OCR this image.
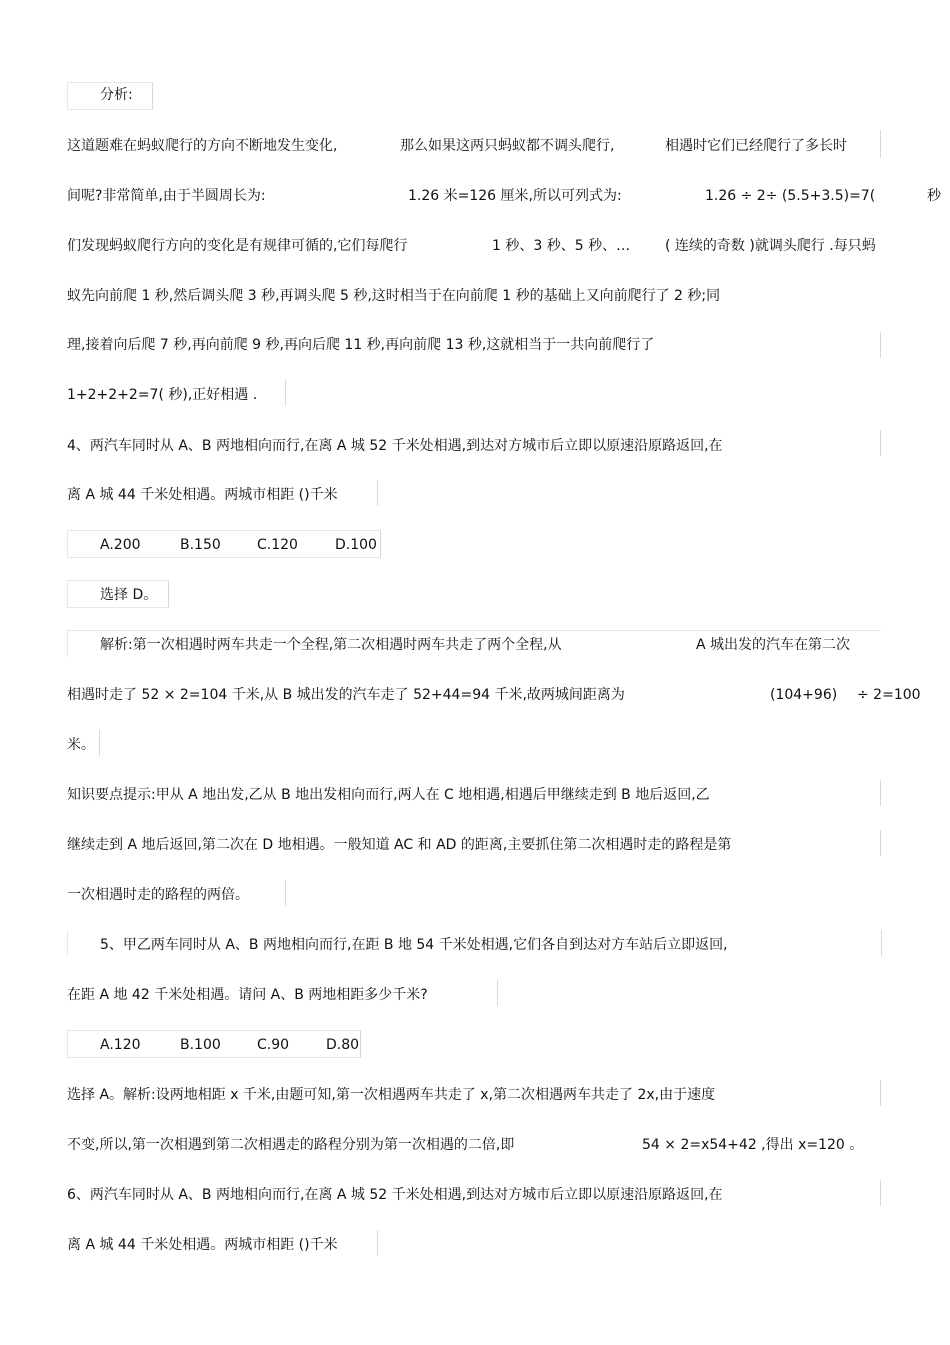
分析:
这道题难在蚂蚁爬行的方向不断地发生变化,	那么如果这两只蚂蚁都不调头爬行,	相遇时它们已经爬行了多长时
间呢?非常简单,由于半圆周长为:	1.26 米=126 厘米,所以可列式为:	1.26 ÷ 2÷ (5.5+3.5)=7(	秒
们发现蚂蚁爬行方向的变化是有规律可循的,它们每爬行	1 秒、3 秒、5 秒、… ( 连续的奇数 )就调头爬行 .每只蚂
蚁先向前爬 1 秒,然后调头爬 3 秒,再调头爬 5 秒,这时相当于在向前爬 1 秒的基础上又向前爬行了 2 秒;同
理,接着向后爬 7 秒,再向前爬 9 秒,再向后爬 11 秒,再向前爬 13 秒,这就相当于一共向前爬行了
1+2+2+2=7( 秒),正好相遇 .
4、两汽车同时从 A、B 两地相向而行,在离 A 城 52 千米处相遇,到达对方城市后立即以原速沿原路返回,在
离 A 城 44 千米处相遇。两城市相距 ()千米
A.200	B.150	C.120	D.100
选择 D。
解析:第一次相遇时两车共走一个全程,第二次相遇时两车共走了两个全程,从	A 城出发的汽车在第二次
相遇时走了 52 × 2=104 千米,从 B 城出发的汽车走了 52+44=94 千米,故两城间距离为	(104+96) ÷ 2=100
米。
知识要点提示:甲从 A 地出发,乙从 B 地出发相向而行,两人在 C 地相遇,相遇后甲继续走到 B 地后返回,乙
继续走到 A 地后返回,第二次在 D 地相遇。一般知道 AC 和 AD 的距离,主要抓住第二次相遇时走的路程是第
一次相遇时走的路程的两倍。
5、甲乙两车同时从 A、B 两地相向而行,在距 B 地 54 千米处相遇,它们各自到达对方车站后立即返回,
在距 A 地 42 千米处相遇。请问 A、B 两地相距多少千米?
A.120	B.100	C.90	D.80
选择 A。解析:设两地相距 x 千米,由题可知,第一次相遇两车共走了 x,第二次相遇两车共走了 2x,由于速度
不变,所以,第一次相遇到第二次相遇走的路程分别为第一次相遇的二倍,即	54 × 2=x54+42 ,得出 x=120 。
6、两汽车同时从 A、B 两地相向而行,在离 A 城 52 千米处相遇,到达对方城市后立即以原速沿原路返回,在
离 A 城 44 千米处相遇。两城市相距 ()千米
